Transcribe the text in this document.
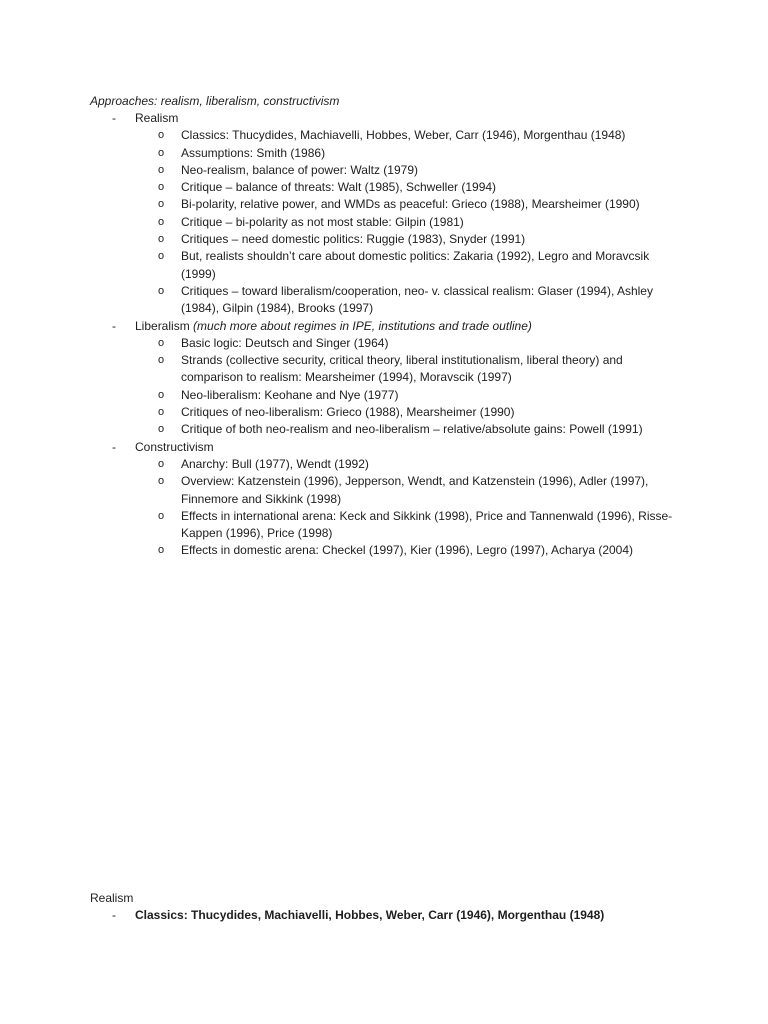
Approaches: realism, liberalism, constructivism
- Realism
o Classics: Thucydides, Machiavelli, Hobbes, Weber, Carr (1946), Morgenthau (1948)
o Assumptions: Smith (1986)
o Neo-realism, balance of power: Waltz (1979)
o Critique – balance of threats: Walt (1985), Schweller (1994)
o Bi-polarity, relative power, and WMDs as peaceful: Grieco (1988), Mearsheimer (1990)
o Critique – bi-polarity as not most stable: Gilpin (1981)
o Critiques – need domestic politics: Ruggie (1983), Snyder (1991)
o But, realists shouldn’t care about domestic politics: Zakaria (1992), Legro and Moravcsik (1999)
o Critiques – toward liberalism/cooperation, neo- v. classical realism: Glaser (1994), Ashley (1984), Gilpin (1984), Brooks (1997)
- Liberalism (much more about regimes in IPE, institutions and trade outline)
o Basic logic: Deutsch and Singer (1964)
o Strands (collective security, critical theory, liberal institutionalism, liberal theory) and comparison to realism: Mearsheimer (1994), Moravscik (1997)
o Neo-liberalism: Keohane and Nye (1977)
o Critiques of neo-liberalism: Grieco (1988), Mearsheimer (1990)
o Critique of both neo-realism and neo-liberalism – relative/absolute gains: Powell (1991)
- Constructivism
o Anarchy: Bull (1977), Wendt (1992)
o Overview: Katzenstein (1996), Jepperson, Wendt, and Katzenstein (1996), Adler (1997), Finnemore and Sikkink (1998)
o Effects in international arena: Keck and Sikkink (1998), Price and Tannenwald (1996), Risse-Kappen (1996), Price (1998)
o Effects in domestic arena: Checkel (1997), Kier (1996), Legro (1997), Acharya (2004)
Realism
- Classics: Thucydides, Machiavelli, Hobbes, Weber, Carr (1946), Morgenthau (1948)
